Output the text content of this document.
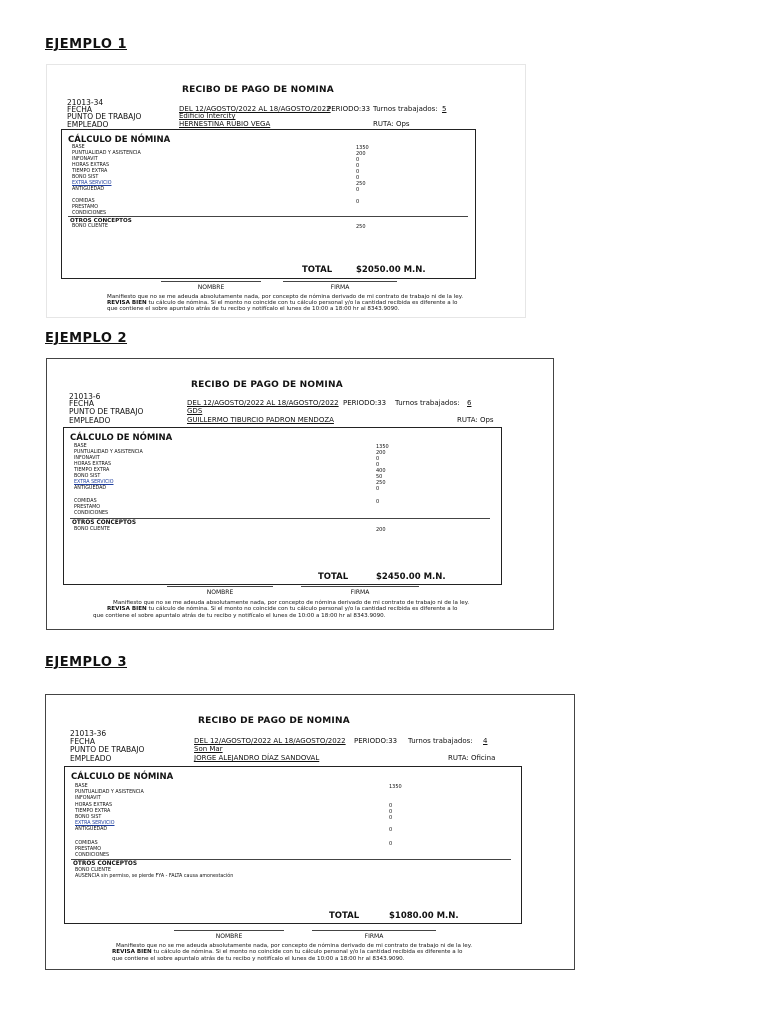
EJEMPLO 1
RECIBO DE PAGO DE NOMINA
21013-34
FECHA	DEL 12/AGOSTO/2022 AL 18/AGOSTO/2022
PERIODO:33 Turnos trabajados: 5
PUNTO DE TRABAJO	Edificio Intercity
EMPLEADO	HERNESTINA RUBIO VEGA	RUTA: Ops
CÁLCULO DE NÓMINA
BASE	1350
PUNTUALIDAD Y ASISTENCIA	200
INFONAVIT	0
HORAS EXTRAS	0
TIEMPO EXTRA	0
BONO SIST	0
EXTRA SERVICIO	250
ANTIGÜEDAD	0
COMIDAS	0
PRESTAMO
CONDICIONES
OTROS CONCEPTOS
BONO CLIENTE	250
TOTAL	$2050.00 M.N.
NOMBRE	FIRMA
Manifiesto que no se me adeuda absolutamente nada, por concepto de nómina derivado de mi contrato de trabajo ni de la ley.
REVISA BIEN tu cálculo de nómina. Si el monto no coincide con tu cálculo personal y/o la cantidad recibida es diferente a lo
que contiene el sobre apuntalo atrás de tu recibo y notifícalo el lunes de 10:00 a 18:00 hr al 8343.9090.
EJEMPLO 2
RECIBO DE PAGO DE NOMINA
21013-6
FECHA	DEL 12/AGOSTO/2022 AL 18/AGOSTO/2022 PERIODO:33 Turnos trabajados: 6
PUNTO DE TRABAJO	GDS
EMPLEADO	GUILLERMO TIBURCIO PADRON MENDOZA	RUTA: Ops
CÁLCULO DE NÓMINA
BASE	1350
PUNTUALIDAD Y ASISTENCIA	200
INFONAVIT	0
HORAS EXTRAS	0
TIEMPO EXTRA	400
BONO SIST	50
EXTRA SERVICIO	250
ANTIGÜEDAD	0
COMIDAS	0
PRESTAMO
CONDICIONES
OTROS CONCEPTOS
BONO CLIENTE	200
TOTAL	$2450.00 M.N.
NOMBRE	FIRMA
Manifiesto que no se me adeuda absolutamente nada, por concepto de nómina derivado de mi contrato de trabajo ni de la ley.
REVISA BIEN tu cálculo de nómina. Si el monto no coincide con tu cálculo personal y/o la cantidad recibida es diferente a lo
que contiene el sobre apuntalo atrás de tu recibo y notifícalo el lunes de 10:00 a 18:00 hr al 8343.9090.
EJEMPLO 3
RECIBO DE PAGO DE NOMINA
21013-36
FECHA	DEL 12/AGOSTO/2022 AL 18/AGOSTO/2022 PERIODO:33 Turnos trabajados: 4
PUNTO DE TRABAJO	Son Mar
EMPLEADO	JORGE ALEJANDRO DÍAZ SANDOVAL	RUTA: Oficina
CÁLCULO DE NÓMINA
BASE	1350
PUNTUALIDAD Y ASISTENCIA
INFONAVIT
HORAS EXTRAS	0
TIEMPO EXTRA	0
BONO SIST	0
EXTRA SERVICIO
ANTIGÜEDAD	0
COMIDAS	0
PRESTAMO
CONDICIONES
OTROS CONCEPTOS
BONO CLIENTE
AUSENCIA sin permiso, se pierde FYA - FALTA causa amonestación
TOTAL	$1080.00 M.N.
NOMBRE	FIRMA
Manifiesto que no se me adeuda absolutamente nada, por concepto de nómina derivado de mi contrato de trabajo ni de la ley.
REVISA BIEN tu cálculo de nómina. Si el monto no coincide con tu cálculo personal y/o la cantidad recibida es diferente a lo
que contiene el sobre apuntalo atrás de tu recibo y notifícalo el lunes de 10:00 a 18:00 hr al 8343.9090.
